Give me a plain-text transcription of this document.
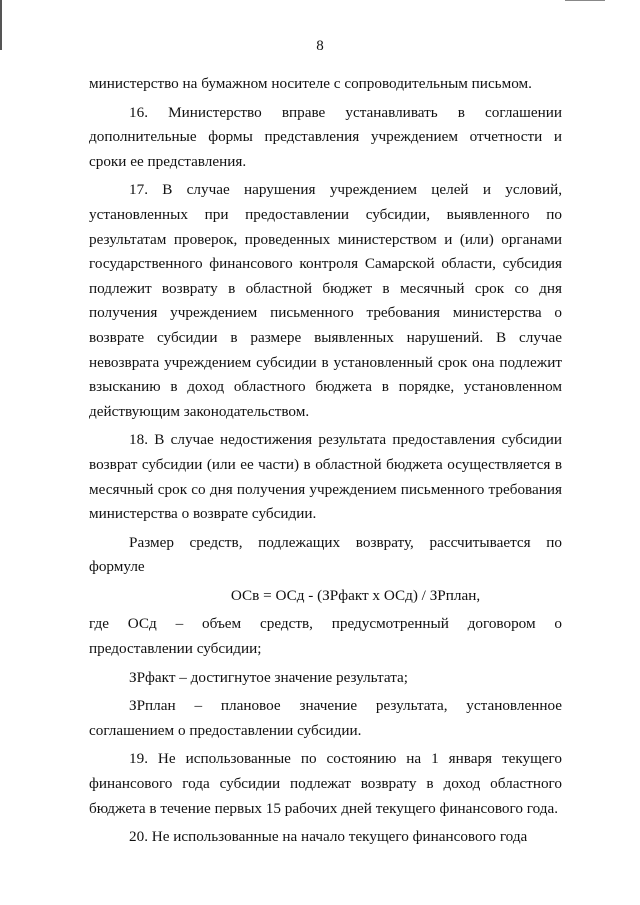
8

министерство на бумажном носителе с сопроводительным письмом.

16. Министерство вправе устанавливать в соглашении дополнительные формы представления учреждением отчетности и сроки ее представления.

17. В случае нарушения учреждением целей и условий, установленных при предоставлении субсидии, выявленного по результатам проверок, проведенных министерством и (или) органами государственного финансового контроля Самарской области, субсидия подлежит возврату в областной бюджет в месячный срок со дня получения учреждением письменного требования министерства о возврате субсидии в размере выявленных нарушений. В случае невозврата учреждением субсидии в установленный срок она подлежит взысканию в доход областного бюджета в порядке, установленном действующим законодательством.

18. В случае недостижения результата предоставления субсидии возврат субсидии (или ее части) в областной бюджета осуществляется в месячный срок со дня получения учреждением письменного требования министерства о возврате субсидии.

Размер средств, подлежащих возврату, рассчитывается по формуле

ОСв = ОСд - (ЗРфакт х ОСд) / ЗРплан,

где ОСд – объем средств, предусмотренный договором о предоставлении субсидии;

ЗРфакт – достигнутое значение результата;

ЗРплан – плановое значение результата, установленное соглашением о предоставлении субсидии.

19. Не использованные по состоянию на 1 января текущего финансового года субсидии подлежат возврату в доход областного бюджета в течение первых 15 рабочих дней текущего финансового года.

20. Не использованные на начало текущего финансового года
